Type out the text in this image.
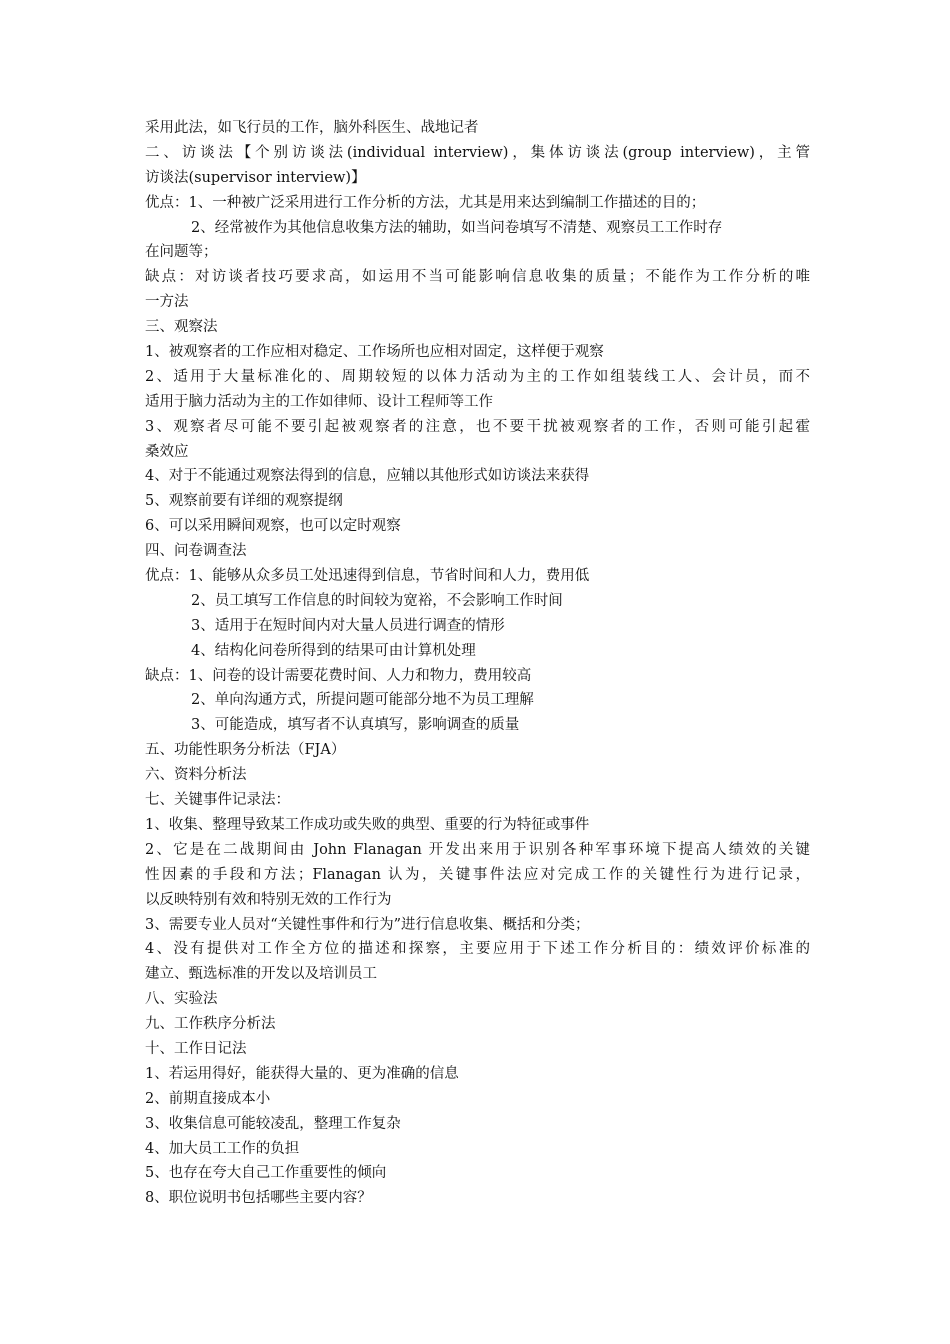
采用此法，如飞行员的工作，脑外科医生、战地记者
二、访谈法【个别访谈法(individual interview)，集体访谈法(group interview)，主管
访谈法(supervisor interview)】
优点：1、一种被广泛采用进行工作分析的方法，尤其是用来达到编制工作描述的目的；
2、经常被作为其他信息收集方法的辅助，如当问卷填写不清楚、观察员工工作时存
在问题等；
缺点：对访谈者技巧要求高，如运用不当可能影响信息收集的质量；不能作为工作分析的唯
一方法
三、观察法
1、被观察者的工作应相对稳定、工作场所也应相对固定，这样便于观察
2、适用于大量标准化的、周期较短的以体力活动为主的工作如组装线工人、会计员，而不
适用于脑力活动为主的工作如律师、设计工程师等工作
3、观察者尽可能不要引起被观察者的注意，也不要干扰被观察者的工作，否则可能引起霍
桑效应
4、对于不能通过观察法得到的信息，应辅以其他形式如访谈法来获得
5、观察前要有详细的观察提纲
6、可以采用瞬间观察，也可以定时观察
四、问卷调查法
优点：1、能够从众多员工处迅速得到信息，节省时间和人力，费用低
2、员工填写工作信息的时间较为宽裕，不会影响工作时间
3、适用于在短时间内对大量人员进行调查的情形
4、结构化问卷所得到的结果可由计算机处理
缺点：1、问卷的设计需要花费时间、人力和物力，费用较高
2、单向沟通方式，所提问题可能部分地不为员工理解
3、可能造成，填写者不认真填写，影响调查的质量
五、功能性职务分析法（FJA）
六、资料分析法
七、关键事件记录法：
1、收集、整理导致某工作成功或失败的典型、重要的行为特征或事件
2、它是在二战期间由 John Flanagan 开发出来用于识别各种军事环境下提高人绩效的关键
性因素的手段和方法；Flanagan 认为，关键事件法应对完成工作的关键性行为进行记录，
以反映特别有效和特别无效的工作行为
3、需要专业人员对“关键性事件和行为”进行信息收集、概括和分类；
4、没有提供对工作全方位的描述和探察，主要应用于下述工作分析目的：绩效评价标准的
建立、甄选标准的开发以及培训员工
八、实验法
九、工作秩序分析法
十、工作日记法
1、若运用得好，能获得大量的、更为准确的信息
2、前期直接成本小
3、收集信息可能较凌乱，整理工作复杂
4、加大员工工作的负担
5、也存在夸大自己工作重要性的倾向
8、职位说明书包括哪些主要内容？
